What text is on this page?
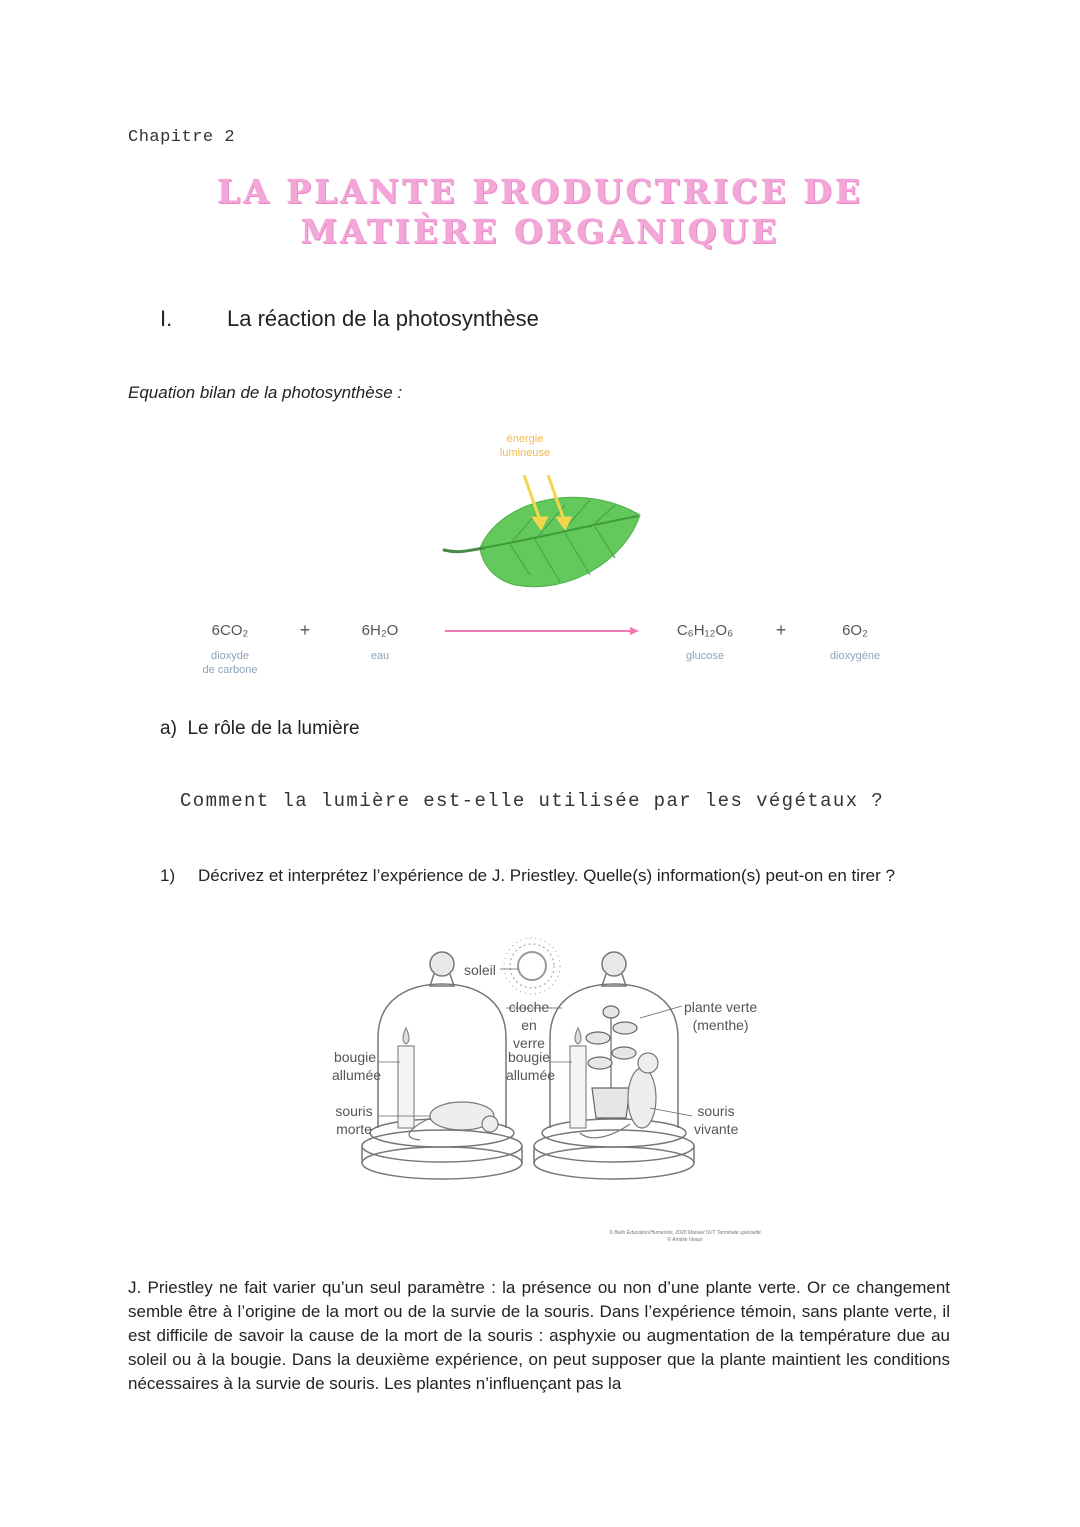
Chapitre 2
LA PLANTE PRODUCTRICE DE
MATIÈRE ORGANIQUE
I. La réaction de la photosynthèse
Equation bilan de la photosynthèse :
énergie
lumineuse
6CO₂
dioxyde
de carbone
+	6H₂O
eau
C₆H₁₂O₆
glucose
+	6O₂
dioxygène
a) Le rôle de la lumière
Comment la lumière est-elle utilisée par les végétaux ?
1) Décrivez et interprétez l’expérience de J. Priestley. Quelle(s) information(s) peut-on en tirer ?
soleil
cloche
en verre
plante verte
(menthe)
bougie
allumée
bougie
allumée
souris
morte
souris
vivante
© Belin Éducation/Humensis, 2020 Manuel SVT Terminale spécialité
© Amélie Veaux
J. Priestley ne fait varier qu’un seul paramètre : la présence ou non d’une plante verte. Or ce changement semble être à l’origine de la mort ou de la survie de la souris. Dans l’expérience témoin, sans plante verte, il est difficile de savoir la cause de la mort de la souris : asphyxie ou augmentation de la température due au soleil ou à la bougie. Dans la deuxième expérience, on peut supposer que la plante maintient les conditions nécessaires à la survie de souris. Les plantes n’influençant pas la
